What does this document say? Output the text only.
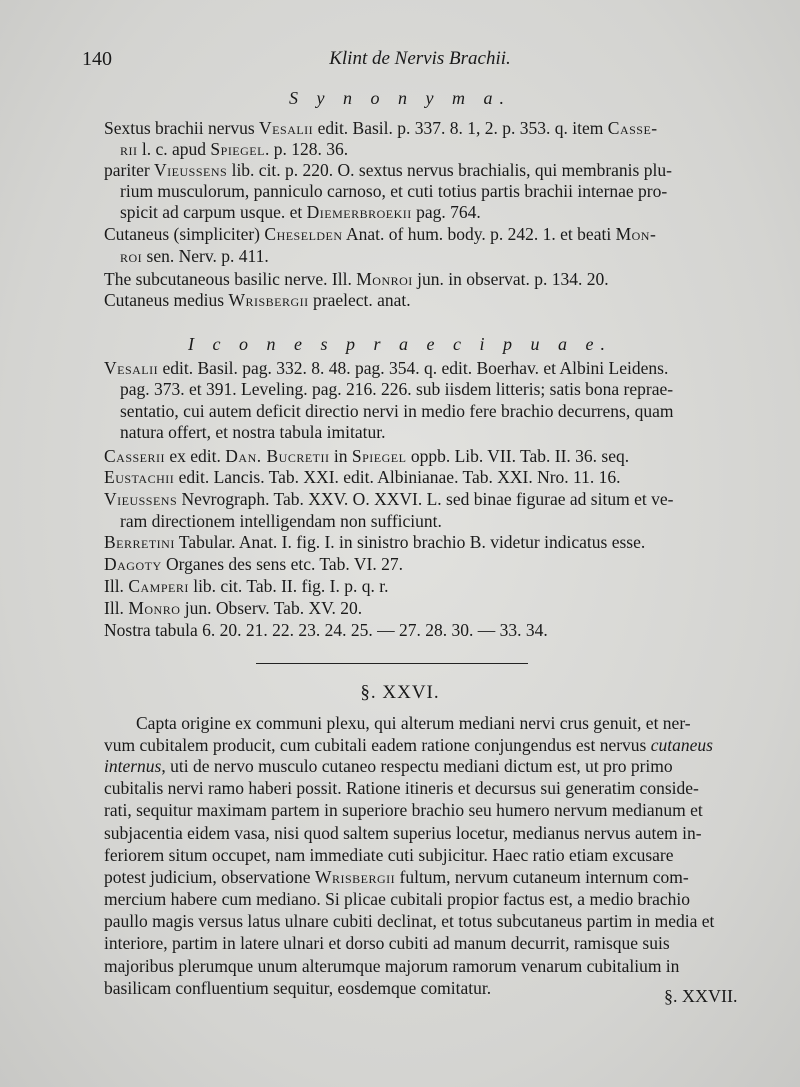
140	Klint de Nervis Brachii.
S y n o n y m a.
Sextus brachii nervus Vesalii edit. Basil. p. 337. 8. 1, 2. p. 353. q. item Casse-
rii l. c. apud Spiegel. p. 128. 36.
pariter Vieussens lib. cit. p. 220. O. sextus nervus brachialis, qui membranis plu-
rium musculorum, panniculo carnoso, et cuti totius partis brachii internae pro-
spicit ad carpum usque. et Diemerbroekii pag. 764.
Cutaneus (simpliciter) Cheselden Anat. of hum. body. p. 242. 1. et beati Mon-
roi sen. Nerv. p. 411.
The subcutaneous basilic nerve. Ill. Monroi jun. in observat. p. 134. 20.
Cutaneus medius Wrisbergii praelect. anat.
I c o n e s p r a e c i p u a e.
Vesalii edit. Basil. pag. 332. 8. 48. pag. 354. q. edit. Boerhav. et Albini Leidens.
pag. 373. et 391. Leveling. pag. 216. 226. sub iisdem litteris; satis bona reprae-
sentatio, cui autem deficit directio nervi in medio fere brachio decurrens, quam
natura offert, et nostra tabula imitatur.
Casserii ex edit. Dan. Bucretii in Spiegel oppb. Lib. VII. Tab. II. 36. seq.
Eustachii edit. Lancis. Tab. XXI. edit. Albinianae. Tab. XXI. Nro. 11. 16.
Vieussens Nevrograph. Tab. XXV. O. XXVI. L. sed binae figurae ad situm et ve-
ram directionem intelligendam non sufficiunt.
Berretini Tabular. Anat. I. fig. I. in sinistro brachio B. videtur indicatus esse.
Dagoty Organes des sens etc. Tab. VI. 27.
Ill. Camperi lib. cit. Tab. II. fig. I. p. q. r.
Ill. Monro jun. Observ. Tab. XV. 20.
Nostra tabula 6. 20. 21. 22. 23. 24. 25. — 27. 28. 30. — 33. 34.
§. XXVI.
Capta origine ex communi plexu, qui alterum mediani nervi crus genuit, et ner-
vum cubitalem producit, cum cubitali eadem ratione conjungendus est nervus cutaneus
internus, uti de nervo musculo cutaneo respectu mediani dictum est, ut pro primo
cubitalis nervi ramo haberi possit. Ratione itineris et decursus sui generatim conside-
rati, sequitur maximam partem in superiore brachio seu humero nervum medianum et
subjacentia eidem vasa, nisi quod saltem superius locetur, medianus nervus autem in-
feriorem situm occupet, nam immediate cuti subjicitur. Haec ratio etiam excusare
potest judicium, observatione Wrisbergii fultum, nervum cutaneum internum com-
mercium habere cum mediano. Si plicae cubitali propior factus est, a medio brachio
paullo magis versus latus ulnare cubiti declinat, et totus subcutaneus partim in media et
interiore, partim in latere ulnari et dorso cubiti ad manum decurrit, ramisque suis
majoribus plerumque unum alterumque majorum ramorum venarum cubitalium in
basilicam confluentium sequitur, eosdemque comitatur.	§. XXVII.
